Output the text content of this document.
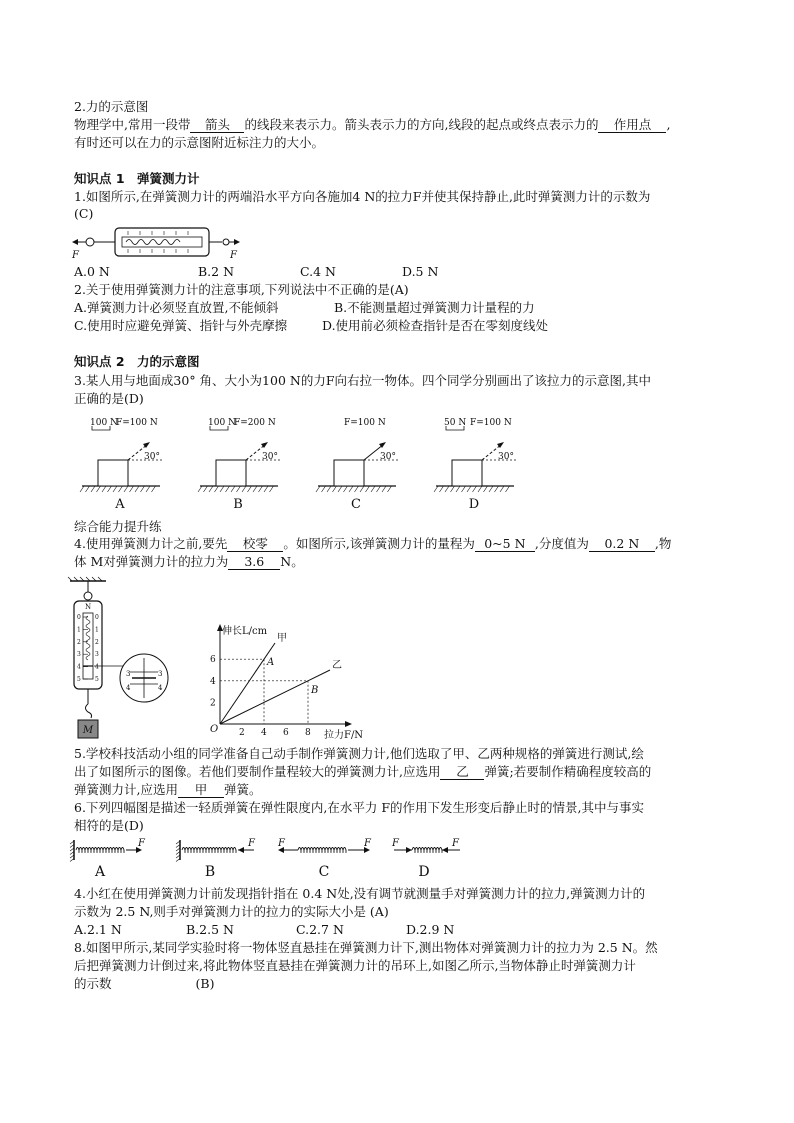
2.力的示意图
物理学中,常用一段带 箭头 的线段来表示力。箭头表示力的方向,线段的起点或终点表示力的 作用点 ,
有时还可以在力的示意图附近标注力的大小。
知识点 1　弹簧测力计
1.如图所示,在弹簧测力计的两端沿水平方向各施加4 N的拉力F并使其保持静止,此时弹簧测力计的示数为
(C)
F	F
A.0 N	B.2 N	C.4 N	D.5 N
2.关于使用弹簧测力计的注意事项,下列说法中不正确的是(A)
A.弹簧测力计必须竖直放置,不能倾斜	B.不能测量超过弹簧测力计量程的力
C.使用时应避免弹簧、指针与外壳摩擦	D.使用前必须检查指针是否在零刻度线处
知识点 2　力的示意图
3.某人用与地面成30° 角、大小为100 N的力F向右拉一物体。四个同学分别画出了该拉力的示意图,其中
正确的是(D)
100 N
F=100 N
30°
A
100 N
F=200 N
30°
B
F=100 N
30°
C
50 N F=100 N
30°
D
综合能力提升练
4.使用弹簧测力计之前,要先 校零 。如图所示,该弹簧测力计的量程为 0~5 N ,分度值为 0.2 N ,物
体 M对弹簧测力计的拉力为 3.6 N。
N
0 0
1 1
2 2
3 3
4 4
5 5
M
3	3
4	4
伸长L/cm
拉力F/N
O 2 4 6 8
2
4
6
甲
A	乙
B
5.学校科技活动小组的同学准备自己动手制作弹簧测力计,他们选取了甲、乙两种规格的弹簧进行测试,绘
出了如图所示的图像。若他们要制作量程较大的弹簧测力计,应选用 乙 弹簧;若要制作精确程度较高的
弹簧测力计,应选用 甲 弹簧。
6.下列四幅图是描述一轻质弹簧在弹性限度内,在水平力 F的作用下发生形变后静止时的情景,其中与事实
相符的是(D)
F
A
F
B
F	F
C
F	F
D
4.小红在使用弹簧测力计前发现指针指在 0.4 N处,没有调节就测量手对弹簧测力计的拉力,弹簧测力计的
示数为 2.5 N,则手对弹簧测力计的拉力的实际大小是 (A)
A.2.1 N	B.2.5 N	C.2.7 N	D.2.9 N
8.如图甲所示,某同学实验时将一物体竖直悬挂在弹簧测力计下,测出物体对弹簧测力计的拉力为 2.5 N。然
后把弹簧测力计倒过来,将此物体竖直悬挂在弹簧测力计的吊环上,如图乙所示,当物体静止时弹簧测力计
的示数	(B)
